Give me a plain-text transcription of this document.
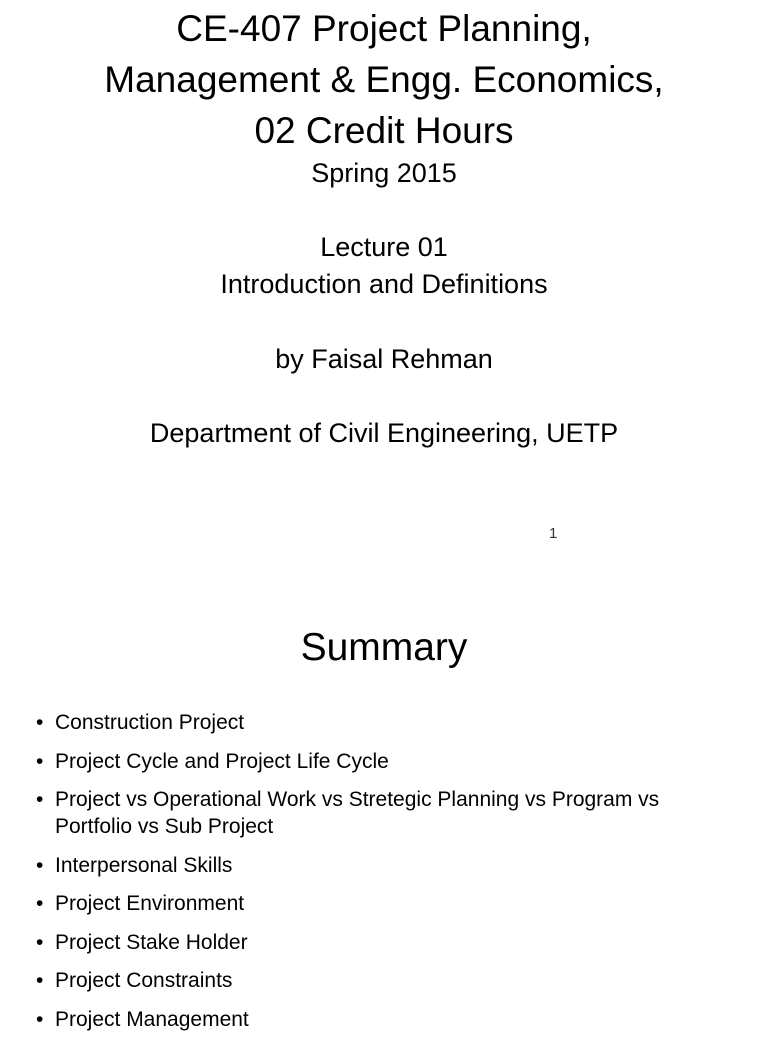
CE-407 Project Planning,
Management & Engg. Economics,
02 Credit Hours
Spring 2015
Lecture 01
Introduction and Definitions
by Faisal Rehman
Department of Civil Engineering, UETP
1
Summary
• Construction Project
• Project Cycle and Project Life Cycle
• Project vs Operational Work vs Stretegic Planning vs Program vs Portfolio vs Sub Project
• Interpersonal Skills
• Project Environment
• Project Stake Holder
• Project Constraints
• Project Management
